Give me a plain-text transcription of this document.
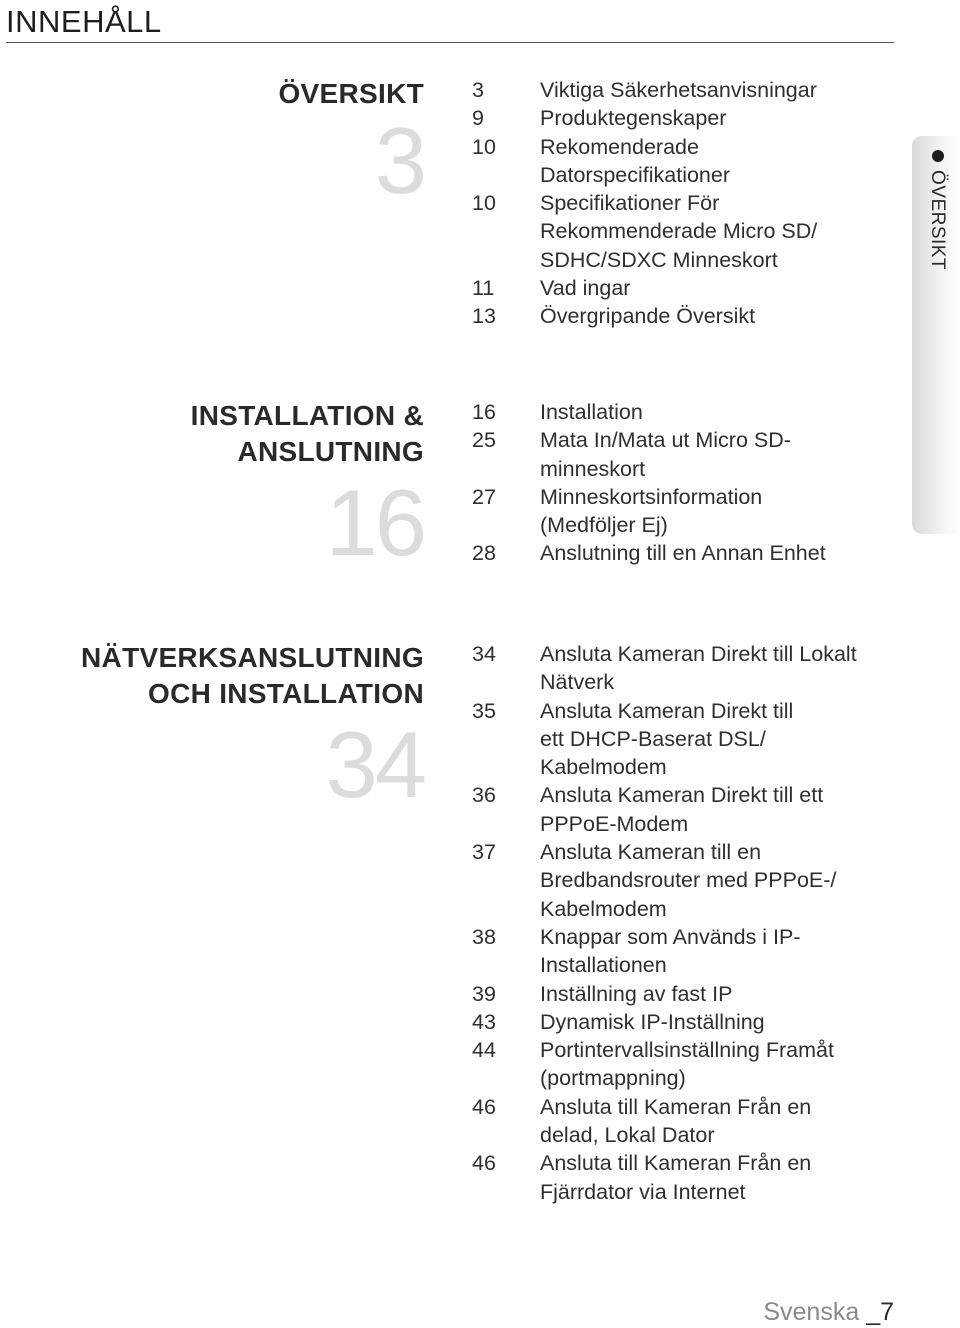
INNEHÅLL
ÖVERSIKT
3
3	Viktiga Säkerhetsanvisningar
9	Produktegenskaper
10	Rekomenderade
Datorspecifikationer
10	Specifikationer För
Rekommenderade Micro SD/
SDHC/SDXC Minneskort
11	Vad ingar
13	Övergripande Översikt
INSTALLATION &
ANSLUTNING
16
16	Installation
25	Mata In/Mata ut Micro SD-
minneskort
27	Minneskortsinformation
(Medföljer Ej)
28	Anslutning till en Annan Enhet
NÄTVERKSANSLUTNING
OCH INSTALLATION
34
34	Ansluta Kameran Direkt till Lokalt
Nätverk
35	Ansluta Kameran Direkt till
ett DHCP-Baserat DSL/
Kabelmodem
36	Ansluta Kameran Direkt till ett
PPPoE-Modem
37	Ansluta Kameran till en
Bredbandsrouter med PPPoE-/
Kabelmodem
38	Knappar som Används i IP-
Installationen
39	Inställning av fast IP
43	Dynamisk IP-Inställning
44	Portintervallsinställning Framåt
(portmappning)
46	Ansluta till Kameran Från en
delad, Lokal Dator
46	Ansluta till Kameran Från en
Fjärrdator via Internet
ÖVERSIKT
Svenska _7
